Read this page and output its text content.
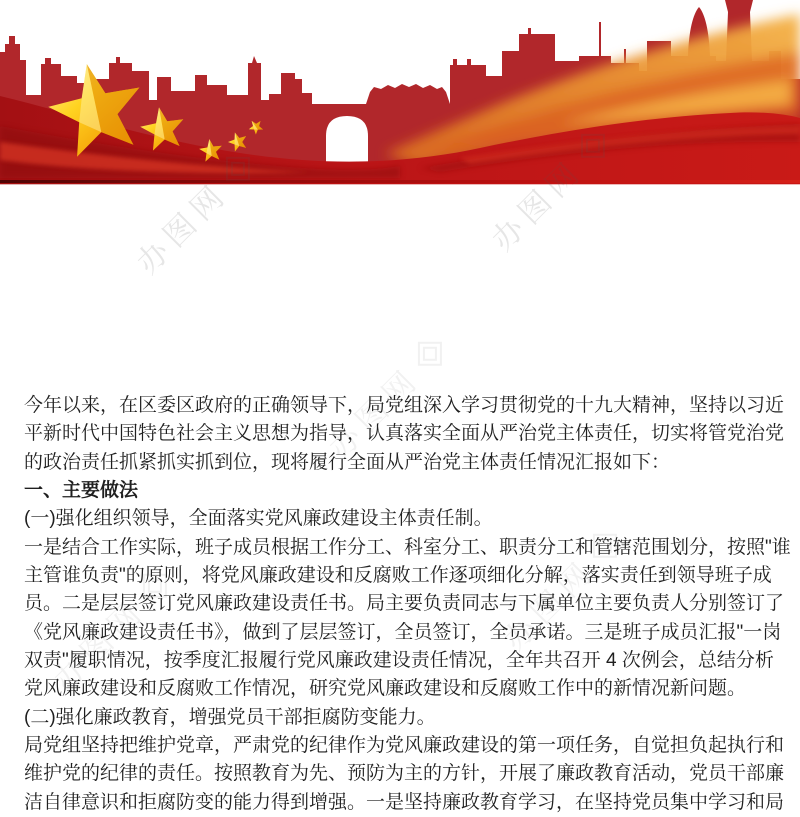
办图网	办图网
办图网
办图网
办图网
今年以来，在区委区政府的正确领导下，局党组深入学习贯彻党的十九大精神，坚持以习近
平新时代中国特色社会主义思想为指导，认真落实全面从严治党主体责任，切实将管党治党
的政治责任抓紧抓实抓到位，现将履行全面从严治党主体责任情况汇报如下：
一、主要做法
(一)强化组织领导，全面落实党风廉政建设主体责任制。
一是结合工作实际，班子成员根据工作分工、科室分工、职责分工和管辖范围划分，按照"谁
主管谁负责"的原则，将党风廉政建设和反腐败工作逐项细化分解，落实责任到领导班子成
员。二是层层签订党风廉政建设责任书。局主要负责同志与下属单位主要负责人分别签订了
《党风廉政建设责任书》，做到了层层签订，全员签订，全员承诺。三是班子成员汇报"一岗
双责"履职情况，按季度汇报履行党风廉政建设责任情况，全年共召开 4 次例会，总结分析
党风廉政建设和反腐败工作情况，研究党风廉政建设和反腐败工作中的新情况新问题。
(二)强化廉政教育，增强党员干部拒腐防变能力。
局党组坚持把维护党章，严肃党的纪律作为党风廉政建设的第一项任务，自觉担负起执行和
维护党的纪律的责任。按照教育为先、预防为主的方针，开展了廉政教育活动，党员干部廉
洁自律意识和拒腐防变的能力得到增强。一是坚持廉政教育学习，在坚持党员集中学习和局
